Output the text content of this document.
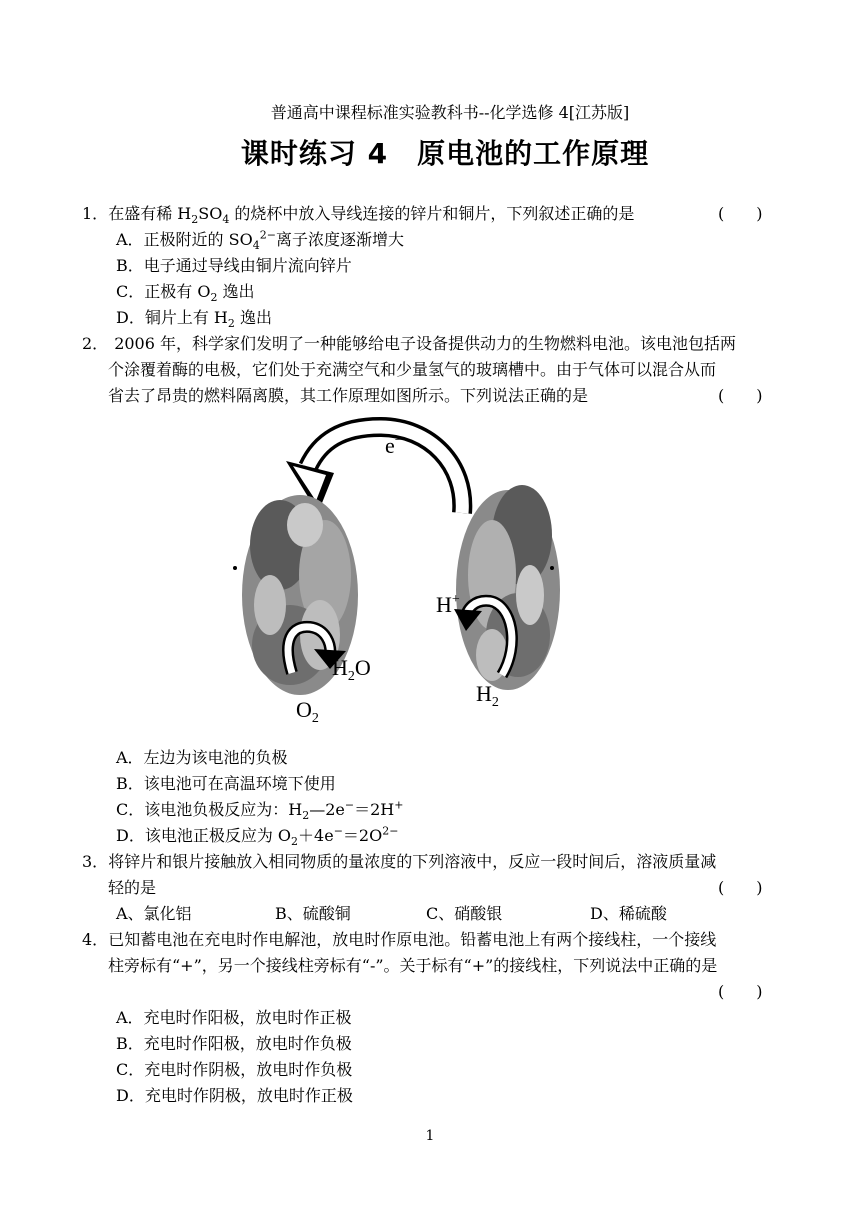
普通高中课程标准实验教科书--化学选修 4[江苏版]
课时练习 4　原电池的工作原理
1．在盛有稀 $H_2SO_4$ 的烧杯中放入导线连接的锌片和铜片，下列叙述正确的是	(　　)
A．正极附近的 $SO_4^{2-}$离子浓度逐渐增大
B．电子通过导线由铜片流向锌片
C．正极有 $O_2$ 逸出
D．铜片上有 $H_2$ 逸出
2． 2006 年，科学家们发明了一种能够给电子设备提供动力的生物燃料电池。该电池包括两
个涂覆着酶的电极，它们处于充满空气和少量氢气的玻璃槽中。由于气体可以混合从而
省去了昂贵的燃料隔离膜，其工作原理如图所示。下列说法正确的是	(　　)
e−
$H_2O$
$O_2$
H+
$H_2$
A．左边为该电池的负极
B．该电池可在高温环境下使用
C．该电池负极反应为：$H_2—2e^-=2H^+$
D．该电池正极反应为 $O_2+4e^-=2O^{2-}$
3．将锌片和银片接触放入相同物质的量浓度的下列溶液中，反应一段时间后，溶液质量减
轻的是	(　　)
A、氯化铝	B、硫酸铜	C、硝酸银	D、稀硫酸
4．已知蓄电池在充电时作电解池，放电时作原电池。铅蓄电池上有两个接线柱，一个接线
柱旁标有“+”，另一个接线柱旁标有“-”。关于标有“+”的接线柱，下列说法中正确的是
(　　)
A．充电时作阳极，放电时作正极
B．充电时作阳极，放电时作负极
C．充电时作阴极，放电时作负极
D．充电时作阴极，放电时作正极
1
